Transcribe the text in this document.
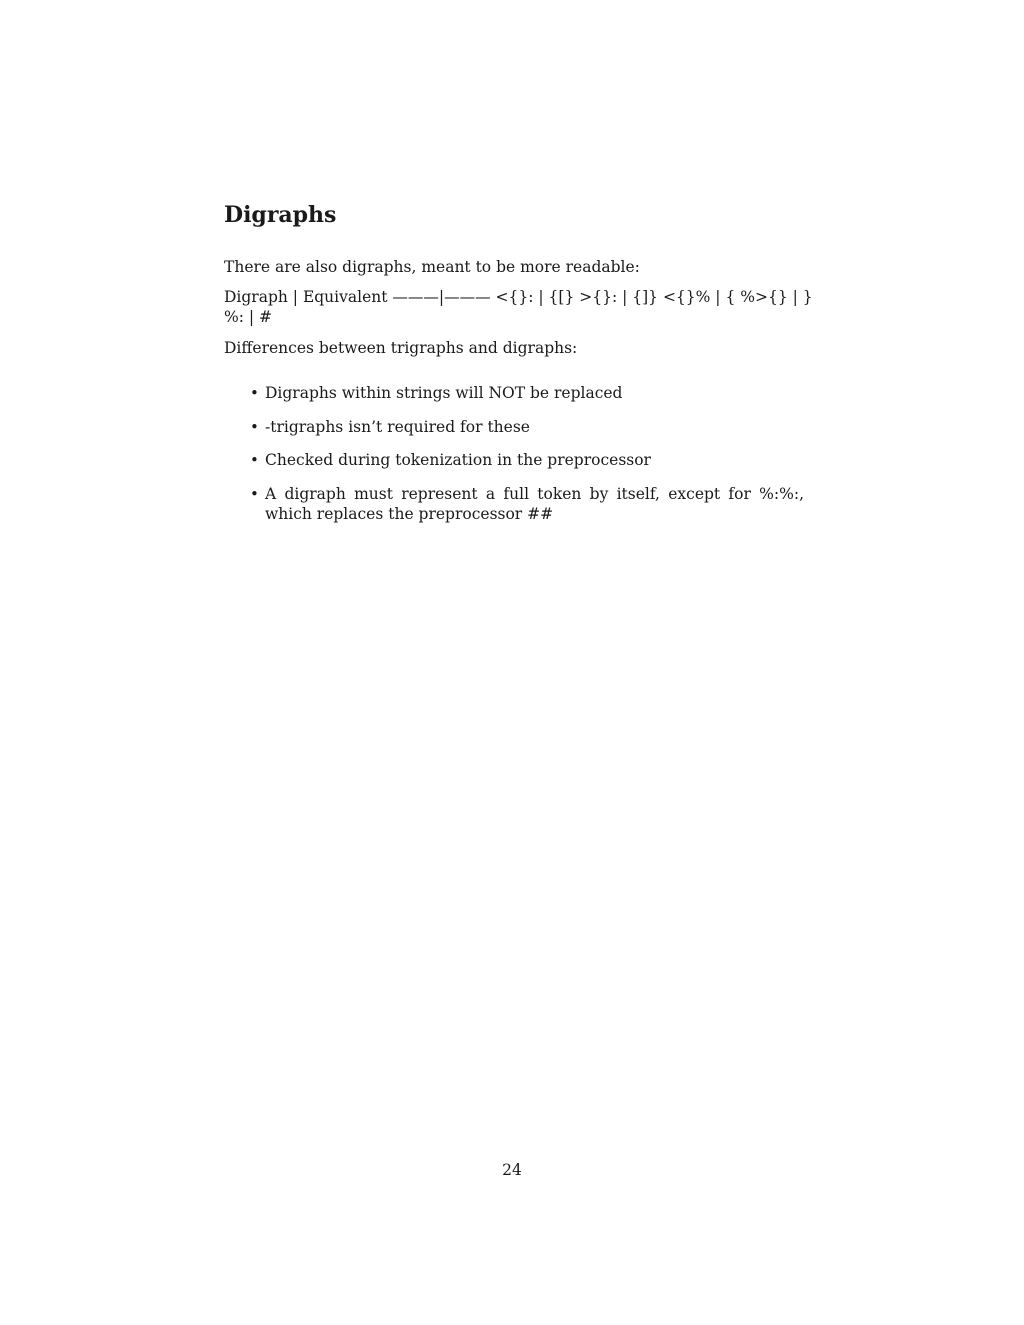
Digraphs

There are also digraphs, meant to be more readable:

Digraph | Equivalent ———|——— <{}: | {[} >{}: | {]} <{}% | { %>{} | }
%: | #

Differences between trigraphs and digraphs:

• Digraphs within strings will NOT be replaced
• -trigraphs isn’t required for these
• Checked during tokenization in the preprocessor
• A digraph must represent a full token by itself, except for %:%:, which replaces the preprocessor ##
24
